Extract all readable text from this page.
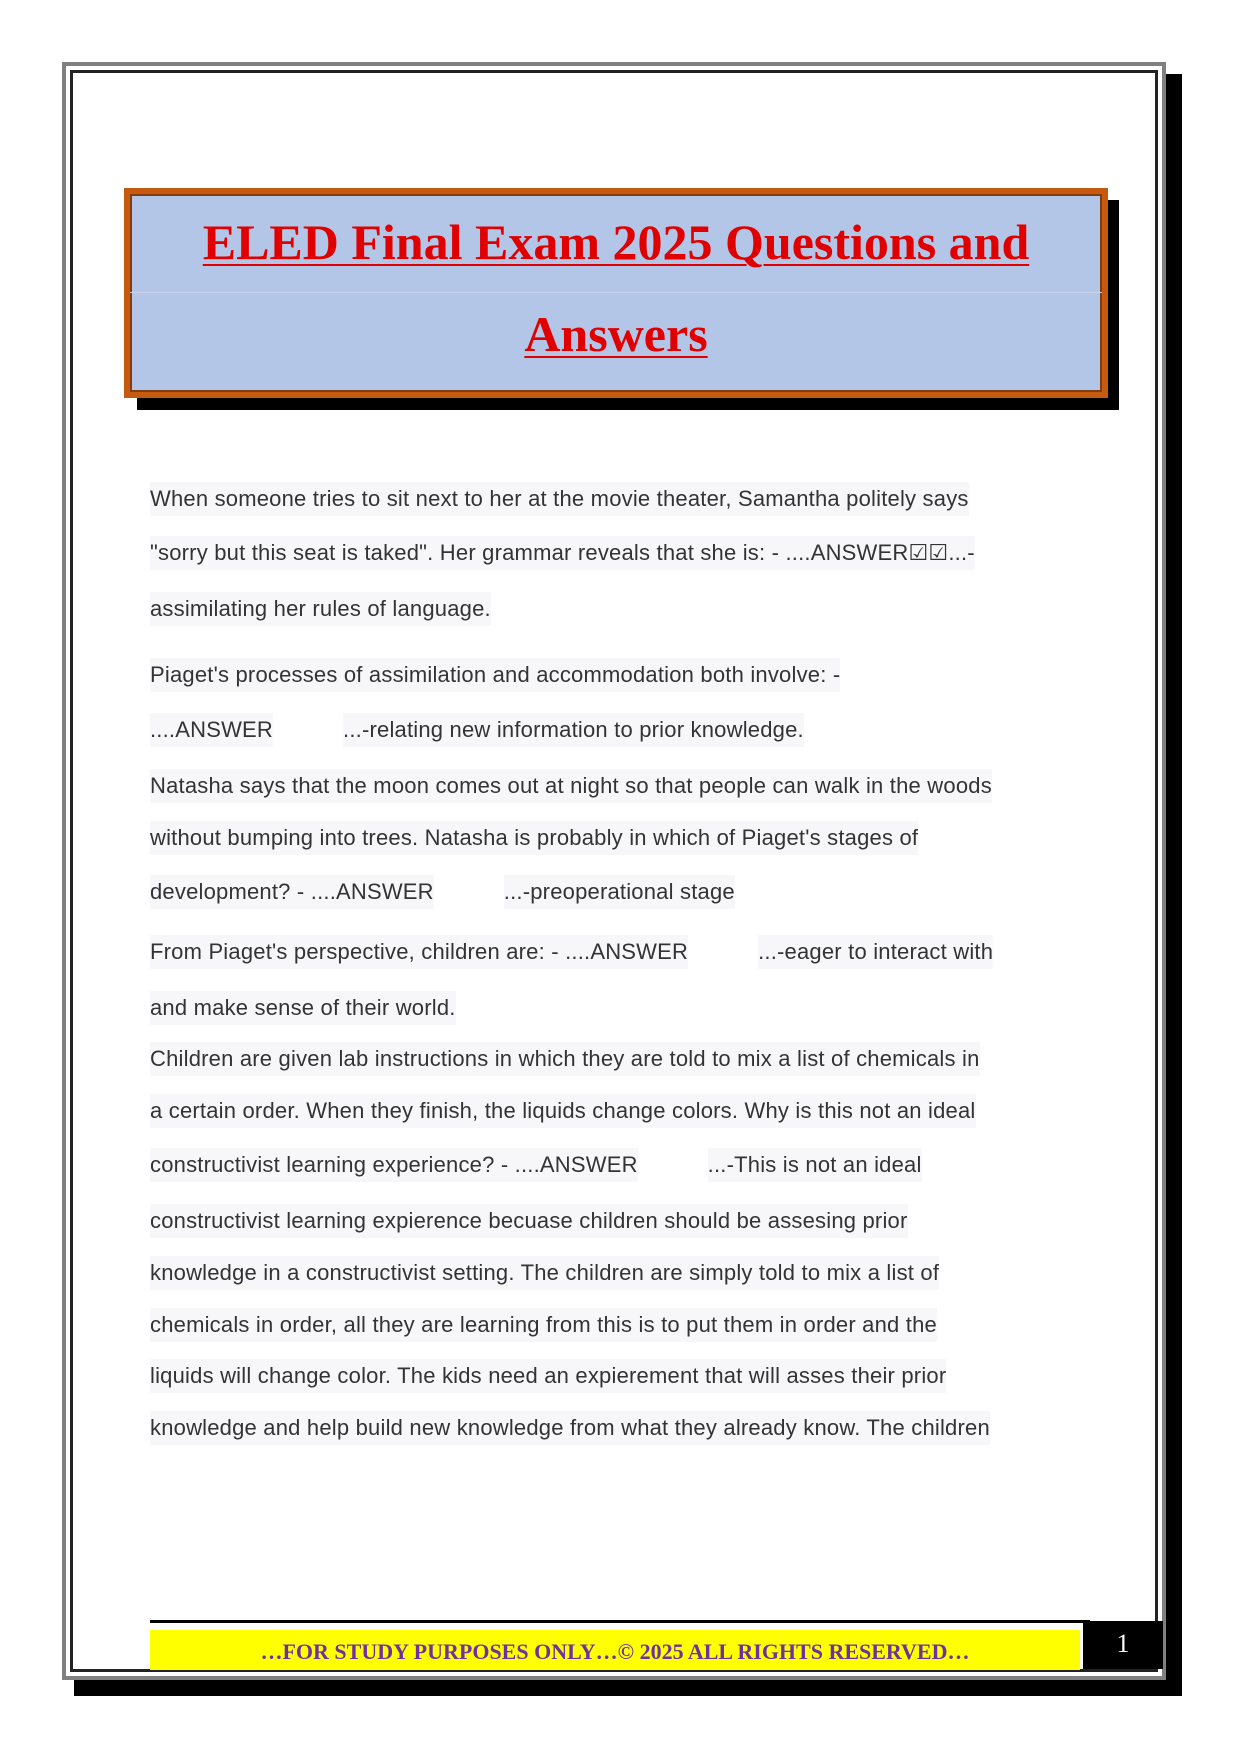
ELED Final Exam 2025 Questions and
Answers
When someone tries to sit next to her at the movie theater, Samantha politely says
"sorry but this seat is taked". Her grammar reveals that she is: - ....ANSWER☑☑...-
assimilating her rules of language.
Piaget's processes of assimilation and accommodation both involve: -
....ANSWER	...-relating new information to prior knowledge.
Natasha says that the moon comes out at night so that people can walk in the woods
without bumping into trees. Natasha is probably in which of Piaget's stages of
development? - ....ANSWER	...-preoperational stage
From Piaget's perspective, children are: - ....ANSWER	...-eager to interact with
and make sense of their world.
Children are given lab instructions in which they are told to mix a list of chemicals in
a certain order. When they finish, the liquids change colors. Why is this not an ideal
constructivist learning experience? - ....ANSWER	...-This is not an ideal
constructivist learning expierence becuase children should be assesing prior
knowledge in a constructivist setting. The children are simply told to mix a list of
chemicals in order, all they are learning from this is to put them in order and the
liquids will change color. The kids need an expierement that will asses their prior
knowledge and help build new knowledge from what they already know. The children
…FOR STUDY PURPOSES ONLY…© 2025 ALL RIGHTS RESERVED…	1
